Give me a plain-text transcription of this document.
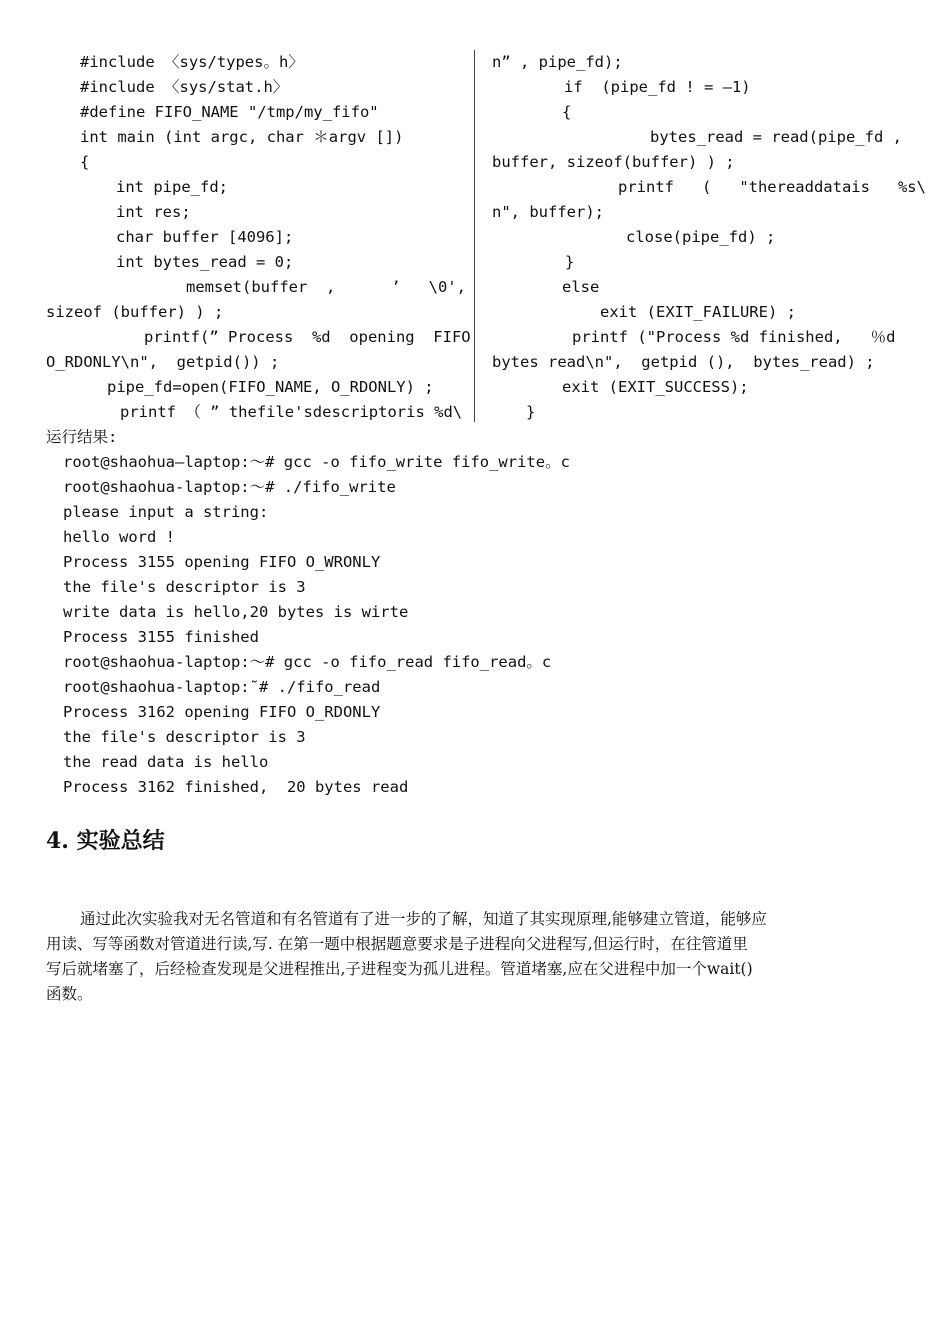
#include 〈sys/types。h〉
#include 〈sys/stat.h〉
#define FIFO_NAME "/tmp/my_fifo"
int main (int argc, char ＊argv [])
{
int pipe_fd;
int res;
char buffer [4096];
int bytes_read = 0;
memset(buffer  ,      ’   \0',
sizeof (buffer) ) ;
printf(” Process  %d  opening  FIFO
O_RDONLY\n",  getpid()) ;
pipe_fd=open(FIFO_NAME, O_RDONLY) ;
printf （ ” thefile'sdescriptoris %d\
n” , pipe_fd);
if  (pipe_fd ! = —1)
{
bytes_read = read(pipe_fd ,
buffer, sizeof(buffer) ) ;
printf   (   "thereaddatais   %s\
n", buffer);
close(pipe_fd) ;
}
else
exit (EXIT_FAILURE) ;
printf ("Process %d finished,   ％d
bytes read\n",  getpid (),  bytes_read) ;
exit (EXIT_SUCCESS);
}
运行结果:
root@shaohua—laptop:～# gcc -o fifo_write fifo_write。c
root@shaohua-laptop:～# ./fifo_write
please input a string:
hello word !
Process 3155 opening FIFO O_WRONLY
the file's descriptor is 3
write data is hello,20 bytes is wirte
Process 3155 finished
root@shaohua-laptop:～# gcc -o fifo_read fifo_read。c
root@shaohua-laptop:˜# ./fifo_read
Process 3162 opening FIFO O_RDONLY
the file's descriptor is 3
the read data is hello
Process 3162 finished,  20 bytes read
4. 实验总结
通过此次实验我对无名管道和有名管道有了进一步的了解，知道了其实现原理,能够建立管道，能够应
用读、写等函数对管道进行读,写. 在第一题中根据题意要求是子进程向父进程写,但运行时，在往管道里
写后就堵塞了，后经检查发现是父进程推出,子进程变为孤儿进程。管道堵塞,应在父进程中加一个wait()
函数。
